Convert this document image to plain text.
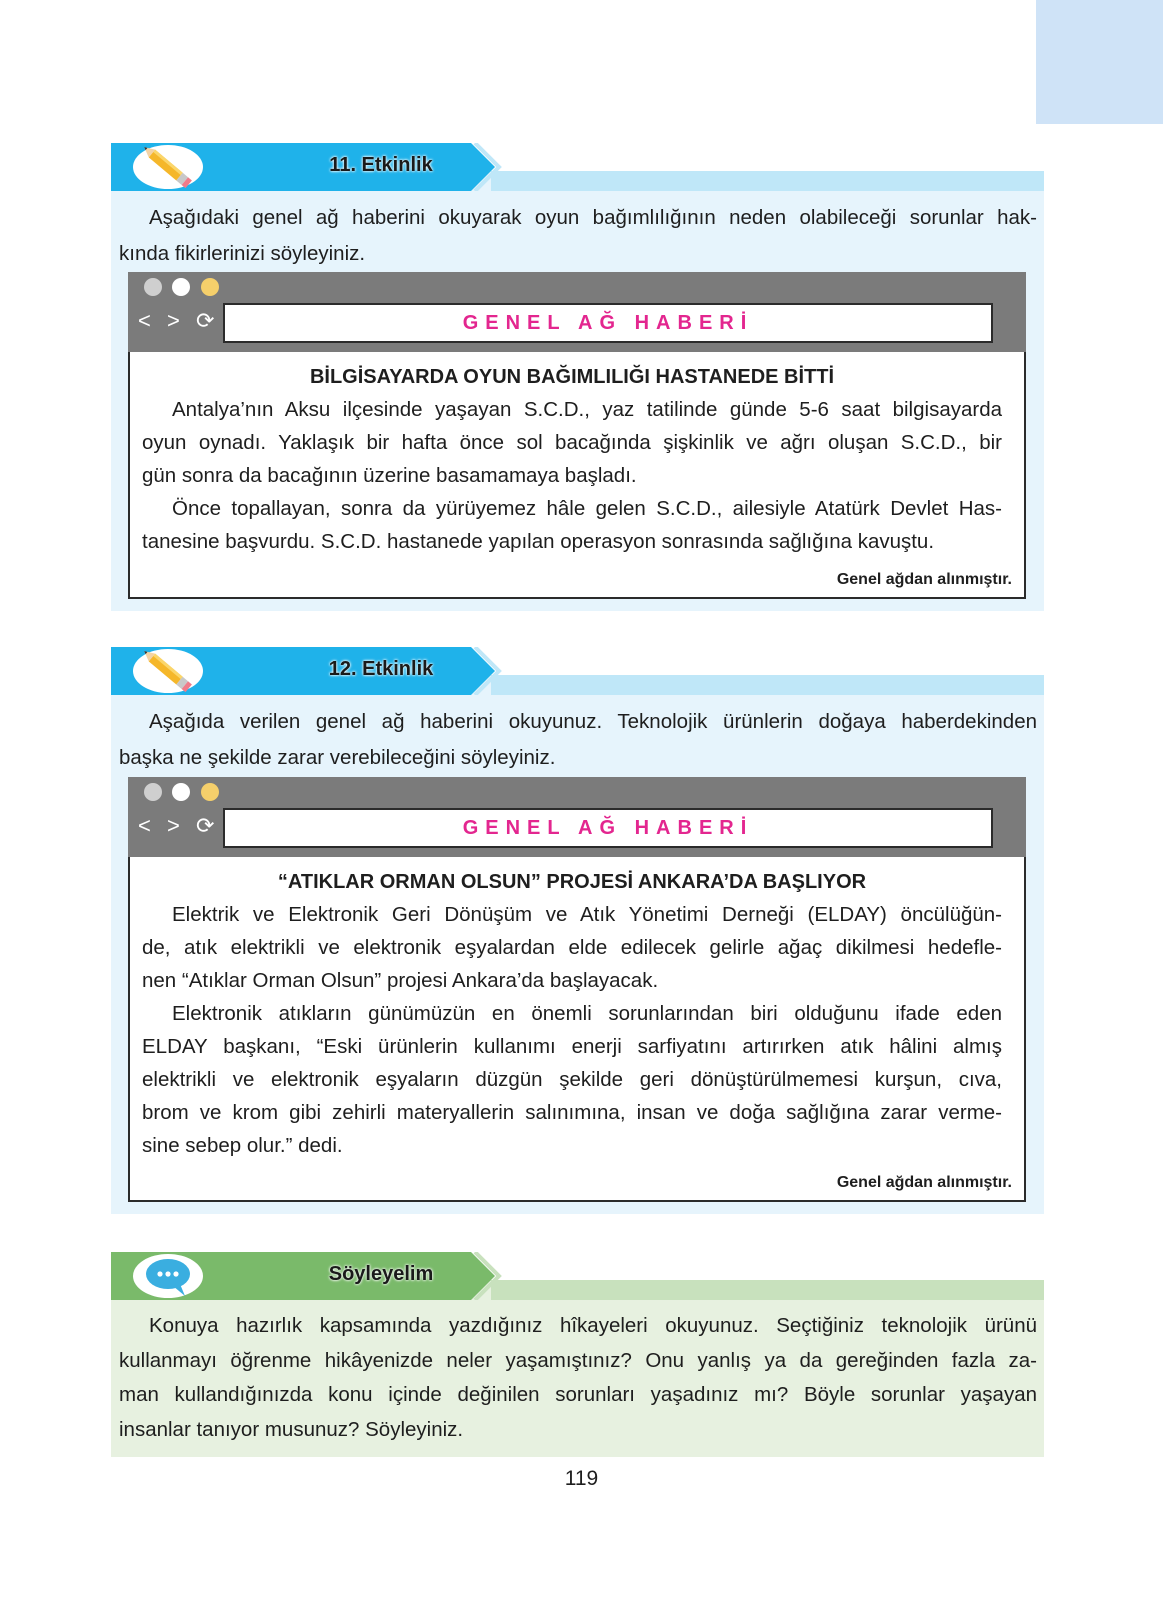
11. Etkinlik
Aşağıdaki genel ağ haberini okuyarak oyun bağımlılığının neden olabileceği sorunlar hak-
kında fikirlerinizi söyleyiniz.

< > ⟳	GENEL AĞ HABERİ
BİLGİSAYARDA OYUN BAĞIMLILIĞI HASTANEDE BİTTİ
Antalya’nın Aksu ilçesinde yaşayan S.C.D., yaz tatilinde günde 5-6 saat bilgisayarda
oyun oynadı. Yaklaşık bir hafta önce sol bacağında şişkinlik ve ağrı oluşan S.C.D., bir
gün sonra da bacağının üzerine basamamaya başladı.
Önce topallayan, sonra da yürüyemez hâle gelen S.C.D., ailesiyle Atatürk Devlet Has-
tanesine başvurdu. S.C.D. hastanede yapılan operasyon sonrasında sağlığına kavuştu.
Genel ağdan alınmıştır.
12. Etkinlik
Aşağıda verilen genel ağ haberini okuyunuz. Teknolojik ürünlerin doğaya haberdekinden
başka ne şekilde zarar verebileceğini söyleyiniz.

< > ⟳	GENEL AĞ HABERİ
“ATIKLAR ORMAN OLSUN” PROJESİ ANKARA’DA BAŞLIYOR
Elektrik ve Elektronik Geri Dönüşüm ve Atık Yönetimi Derneği (ELDAY) öncülüğün-
de, atık elektrikli ve elektronik eşyalardan elde edilecek gelirle ağaç dikilmesi hedefle-
nen “Atıklar Orman Olsun” projesi Ankara’da başlayacak.
Elektronik atıkların günümüzün en önemli sorunlarından biri olduğunu ifade eden
ELDAY başkanı, “Eski ürünlerin kullanımı enerji sarfiyatını artırırken atık hâlini almış
elektrikli ve elektronik eşyaların düzgün şekilde geri dönüştürülmemesi kurşun, cıva,
brom ve krom gibi zehirli materyallerin salınımına, insan ve doğa sağlığına zarar verme-
sine sebep olur.” dedi.
Genel ağdan alınmıştır.
Söyleyelim
Konuya hazırlık kapsamında yazdığınız hîkayeleri okuyunuz. Seçtiğiniz teknolojik ürünü
kullanmayı öğrenme hikâyenizde neler yaşamıştınız? Onu yanlış ya da gereğinden fazla za-
man kullandığınızda konu içinde değinilen sorunları yaşadınız mı? Böyle sorunlar yaşayan
insanlar tanıyor musunuz? Söyleyiniz.
119
